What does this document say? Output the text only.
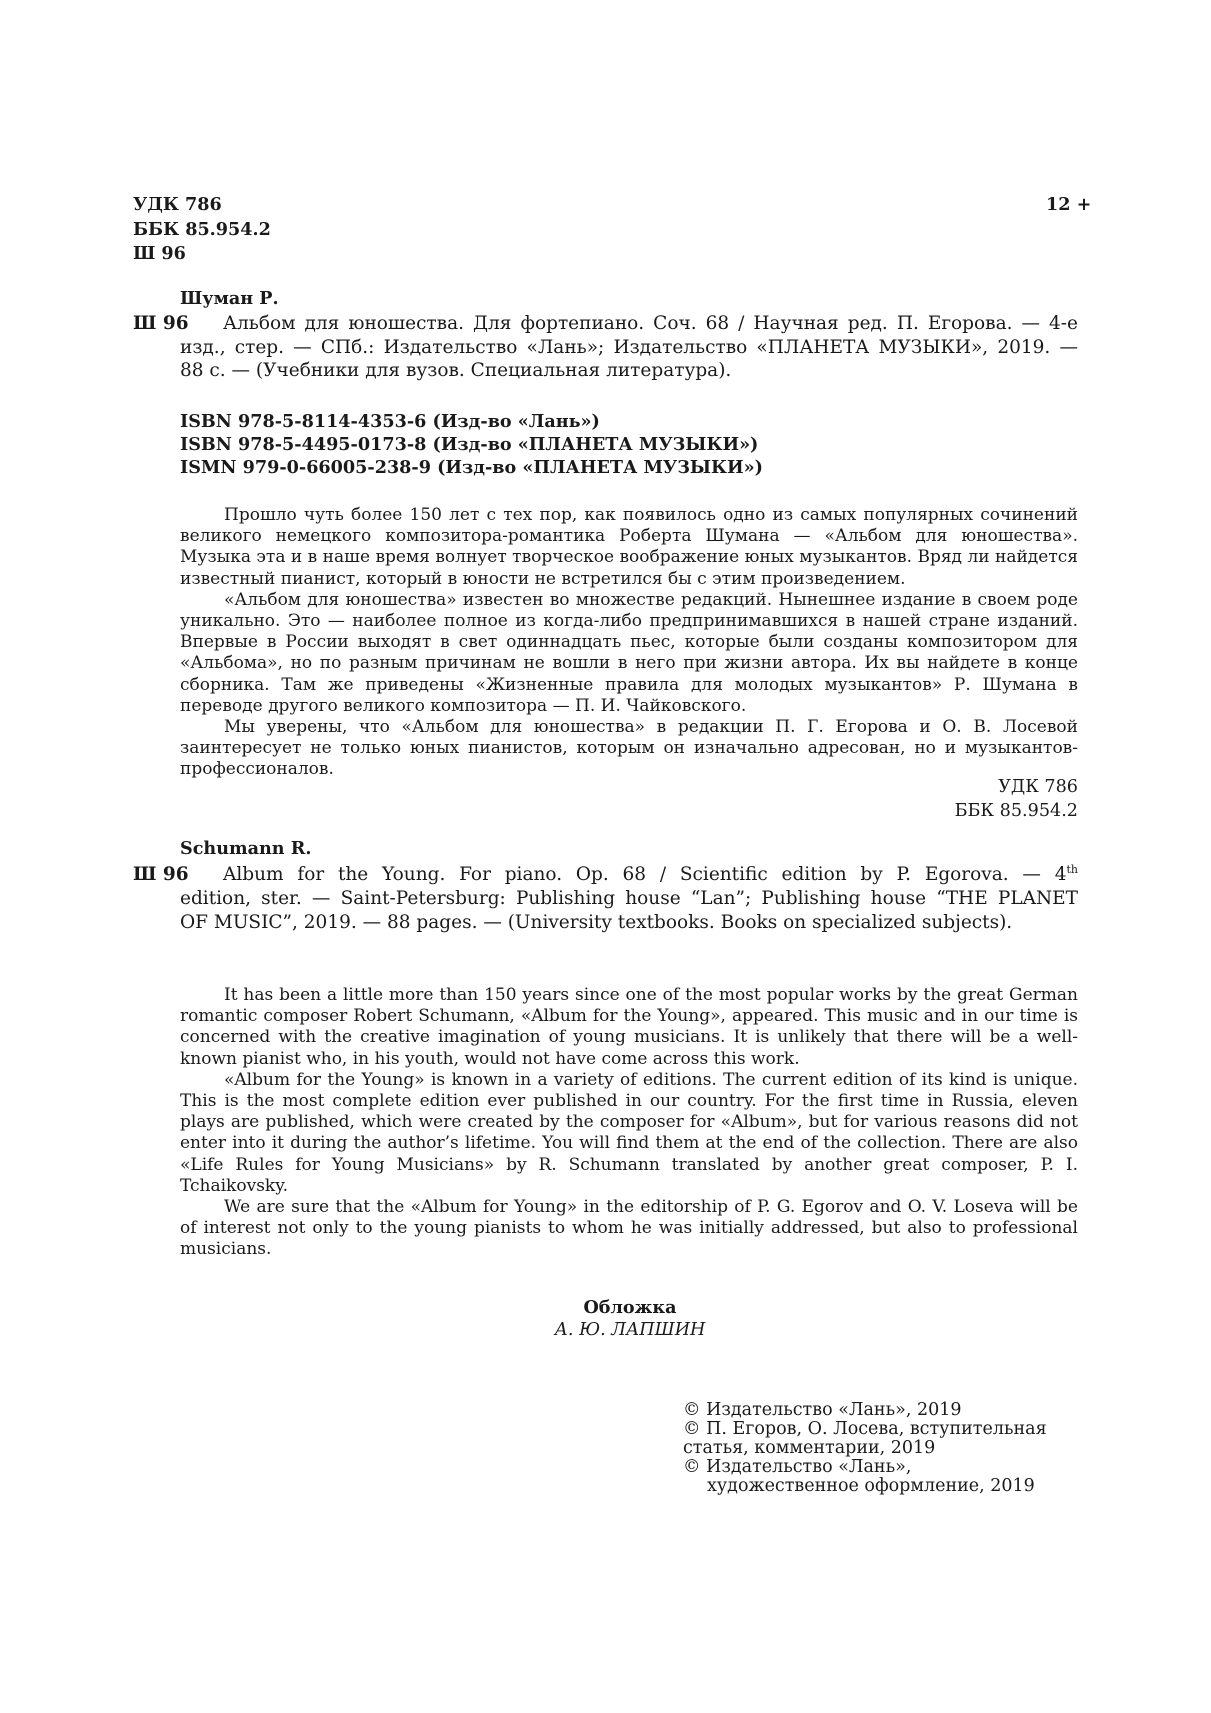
УДК 786
ББК 85.954.2
Ш 96
12 +
Шуман Р.
Ш 96 Альбом для юношества. Для фортепиано. Соч. 68 / Научная ред. П. Егорова. — 4-е
изд., стер. — СПб.: Издательство «Лань»; Издательство «ПЛАНЕТА МУЗЫКИ», 2019. —
88 с. — (Учебники для вузов. Специальная литература).
ISBN 978-5-8114-4353-6 (Изд-во «Лань»)
ISBN 978-5-4495-0173-8 (Изд-во «ПЛАНЕТА МУЗЫКИ»)
ISMN 979-0-66005-238-9 (Изд-во «ПЛАНЕТА МУЗЫКИ»)

Прошло чуть более 150 лет с тех пор, как появилось одно из самых популярных сочинений великого немецкого композитора-романтика Роберта Шумана — «Альбом для юношества». Музыка эта и в наше время волнует творческое воображение юных музыкантов. Вряд ли найдется известный пианист, который в юности не встретился бы с этим произведением.

«Альбом для юношества» известен во множестве редакций. Нынешнее издание в своем роде уникально. Это — наиболее полное из когда-либо предпринимавшихся в нашей стране изданий. Впервые в России выходят в свет одиннадцать пьес, которые были созданы композитором для «Альбома», но по разным причинам не вошли в него при жизни автора. Их вы найдете в конце сборника. Там же приведены «Жизненные правила для молодых музыкантов» Р. Шумана в переводе другого великого композитора — П. И. Чайковского.

Мы уверены, что «Альбом для юношества» в редакции П. Г. Егорова и О. В. Лосевой заинтересует не только юных пианистов, которым он изначально адресован, но и музыкантов-профессионалов.

УДК 786
ББК 85.954.2
Schumann R.
Ш 96 Album for the Young. For piano. Op. 68 / Scientific edition by P. Egorova. — 4th
edition, ster. — Saint-Petersburg: Publishing house “Lan”; Publishing house “THE PLANET
OF MUSIC”, 2019. — 88 pages. — (University textbooks. Books on specialized subjects).

It has been a little more than 150 years since one of the most popular works by the great German romantic composer Robert Schumann, «Album for the Young», appeared. This music and in our time is concerned with the creative imagination of young musicians. It is unlikely that there will be a well-known pianist who, in his youth, would not have come across this work.

«Album for the Young» is known in a variety of editions. The current edition of its kind is unique. This is the most complete edition ever published in our country. For the first time in Russia, eleven plays are published, which were created by the composer for «Album», but for various reasons did not enter into it during the author’s lifetime. You will find them at the end of the collection. There are also «Life Rules for Young Musicians» by R. Schumann translated by another great composer, P. I. Tchaikovsky.

We are sure that the «Album for Young» in the editorship of P. G. Egorov and O. V. Loseva will be of interest not only to the young pianists to whom he was initially addressed, but also to professional musicians.

Обложка
А. Ю. ЛАПШИН
© Издательство «Лань», 2019
© П. Егоров, О. Лосева, вступительная
статья, комментарии, 2019
© Издательство «Лань»,
художественное оформление, 2019
